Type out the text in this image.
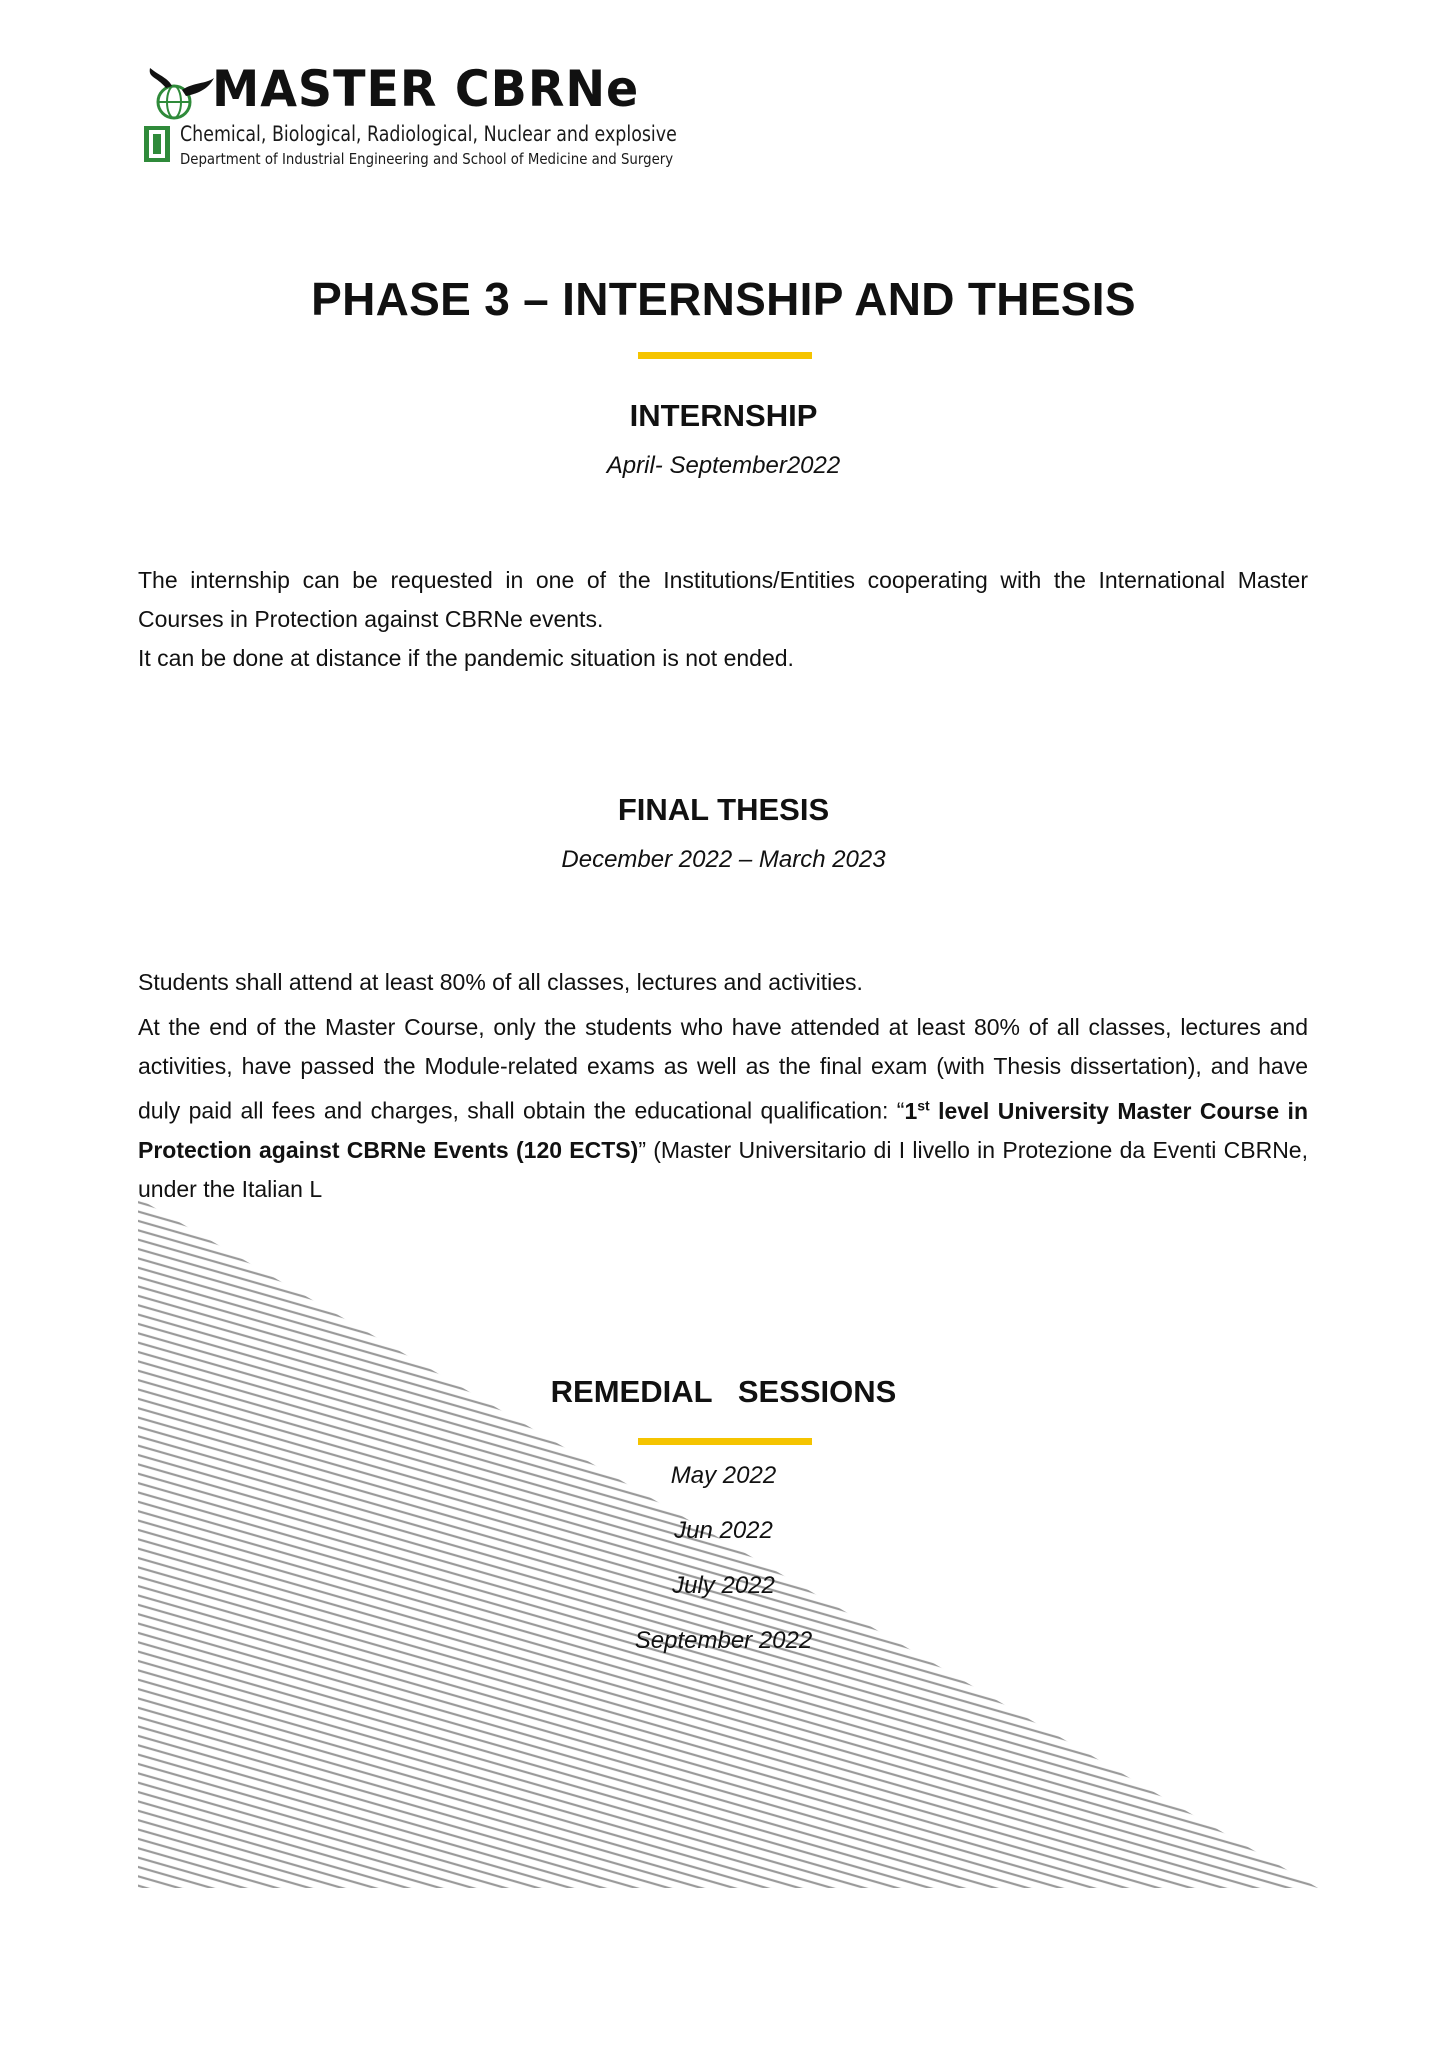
MASTER CBRNe
Chemical, Biological, Radiological, Nuclear and explosive
Department of Industrial Engineering and School of Medicine and Surgery
PHASE 3 – INTERNSHIP AND THESIS
INTERNSHIP
April- September2022

The internship can be requested in one of the Institutions/Entities cooperating with the International Master Courses in Protection against CBRNe events.

It can be done at distance if the pandemic situation is not ended.

FINAL THESIS
December 2022 – March 2023

Students shall attend at least 80% of all classes, lectures and activities.

At the end of the Master Course, only the students who have attended at least 80% of all classes, lectures and activities, have passed the Module-related exams as well as the final exam (with Thesis dissertation), and have duly paid all fees and charges, shall obtain the educational qualification: “1st level University Master Course in Protection against CBRNe Events (120 ECTS)” (Master Universitario di I livello in Protezione da Eventi CBRNe, under the Italian L

REMEDIAL   SESSIONS
May 2022
Jun 2022
July 2022
September 2022
